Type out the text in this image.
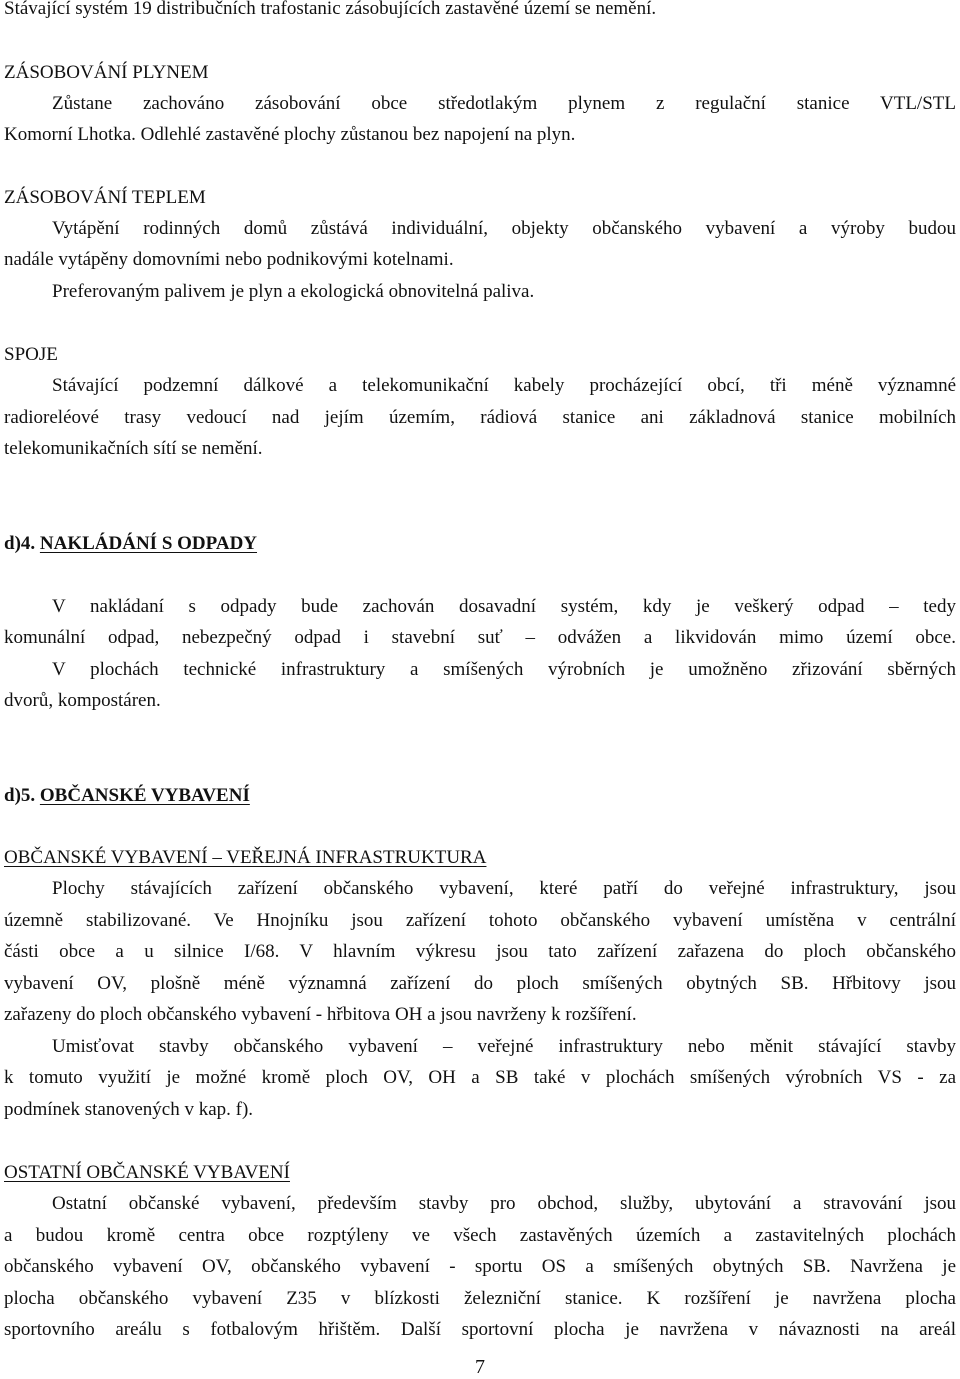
Stávající systém 19 distribučních trafostanic zásobujících zastavěné území se nemění.
ZÁSOBOVÁNÍ PLYNEM
Zůstane zachováno zásobování obce středotlakým plynem z regulační stanice VTL/STL
Komorní Lhotka. Odlehlé zastavěné plochy zůstanou bez napojení na plyn.
ZÁSOBOVÁNÍ TEPLEM
Vytápění rodinných domů zůstává individuální, objekty občanského vybavení a výroby budou
nadále vytápěny domovními nebo podnikovými kotelnami.
Preferovaným palivem je plyn a ekologická obnovitelná paliva.
SPOJE
Stávající podzemní dálkové a telekomunikační kabely procházející obcí, tři méně významné
radioreléové trasy vedoucí nad jejím územím, rádiová stanice ani základnová stanice mobilních
telekomunikačních sítí se nemění.
d)4. NAKLÁDÁNÍ S ODPADY
V nakládaní s odpady bude zachován dosavadní systém, kdy je veškerý odpad – tedy
komunální odpad, nebezpečný odpad i stavební suť – odvážen a likvidován mimo území obce.
V plochách technické infrastruktury a smíšených výrobních je umožněno zřizování sběrných
dvorů, kompostáren.
d)5. OBČANSKÉ VYBAVENÍ
OBČANSKÉ VYBAVENÍ – VEŘEJNÁ INFRASTRUKTURA
Plochy stávajících zařízení občanského vybavení, které patří do veřejné infrastruktury, jsou
územně stabilizované. Ve Hnojníku jsou zařízení tohoto občanského vybavení umístěna v centrální
části obce a u silnice I/68. V hlavním výkresu jsou tato zařízení zařazena do ploch občanského
vybavení OV, plošně méně významná zařízení do ploch smíšených obytných SB. Hřbitovy jsou
zařazeny do ploch občanského vybavení - hřbitova OH a jsou navrženy k rozšíření.
Umisťovat stavby občanského vybavení – veřejné infrastruktury nebo měnit stávající stavby
k tomuto využití je možné kromě ploch OV, OH a SB také v plochách smíšených výrobních VS - za
podmínek stanovených v kap. f).
OSTATNÍ OBČANSKÉ VYBAVENÍ
Ostatní občanské vybavení, především stavby pro obchod, služby, ubytování a stravování jsou
a budou kromě centra obce rozptýleny ve všech zastavěných územích a zastavitelných plochách
občanského vybavení OV, občanského vybavení - sportu OS a smíšených obytných SB. Navržena je
plocha občanského vybavení Z35 v blízkosti železniční stanice. K rozšíření je navržena plocha
sportovního areálu s fotbalovým hřištěm. Další sportovní plocha je navržena v návaznosti na areál
7
